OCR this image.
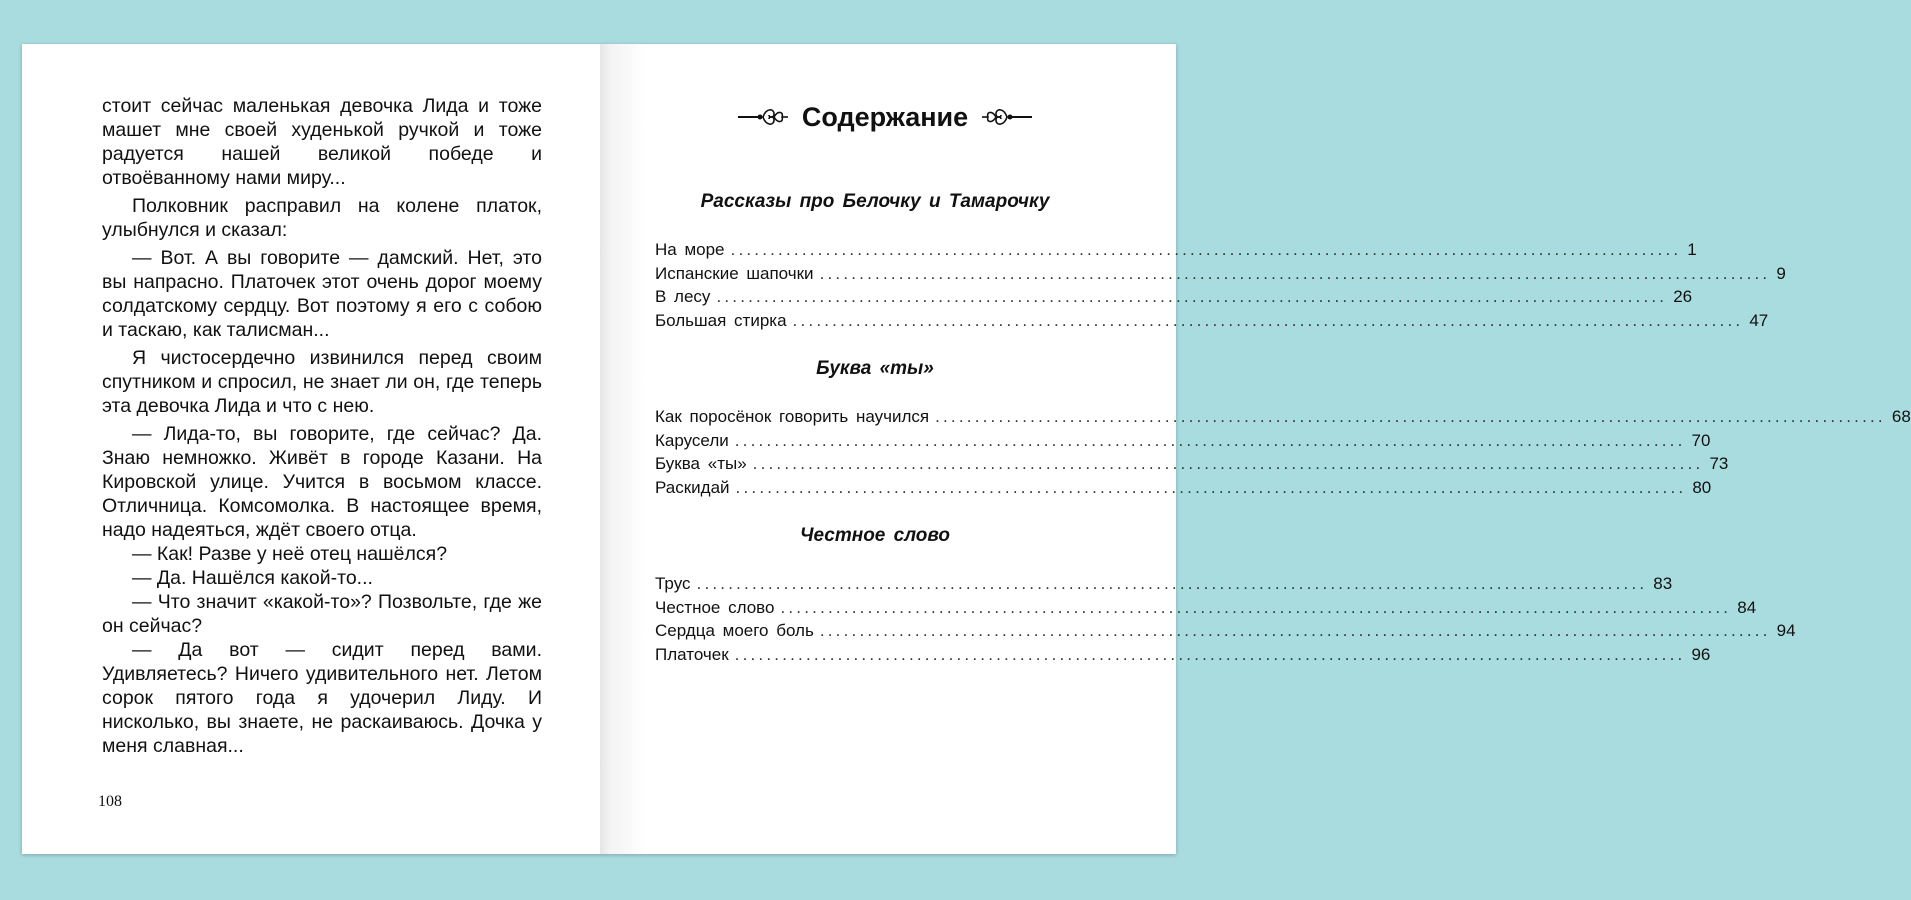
стоит сейчас маленькая девочка Лида и тоже машет мне своей худенькой ручкой и тоже радуется нашей великой победе и отвоёванному нами миру...

Полковник расправил на колене платок, улыбнулся и сказал:

— Вот. А вы говорите — дамский. Нет, это вы напрасно. Платочек этот очень дорог моему солдатскому сердцу. Вот поэтому я его с собою и таскаю, как талисман...

Я чистосердечно извинился перед своим спутником и спросил, не знает ли он, где теперь эта девочка Лида и что с нею.

— Лида-то, вы говорите, где сейчас? Да. Знаю немножко. Живёт в городе Казани. На Кировской улице. Учится в восьмом классе. Отличница. Комсомолка. В настоящее время, надо надеяться, ждёт своего отца.

— Как! Разве у неё отец нашёлся?

— Да. Нашёлся какой-то...

— Что значит «какой-то»? Позвольте, где же он сейчас?

— Да вот — сидит перед вами. Удивляетесь? Ничего удивительного нет. Летом сорок пятого года я удочерил Лиду. И нисколько, вы знаете, не раскаиваюсь. Дочка у меня славная...

108
Содержание
Рассказы про Белочку и Тамарочку
На море ........................................................................................................................ 1
Испанские шапочки ........................................................................................................................ 9
В лесу ........................................................................................................................ 26
Большая стирка ........................................................................................................................ 47
Буква «ты»
Как поросёнок говорить научился ........................................................................................................................ 68
Карусели ........................................................................................................................ 70
Буква «ты» ........................................................................................................................ 73
Раскидай ........................................................................................................................ 80
Честное слово
Трус ........................................................................................................................ 83
Честное слово ........................................................................................................................ 84
Сердца моего боль ........................................................................................................................ 94
Платочек ........................................................................................................................ 96
